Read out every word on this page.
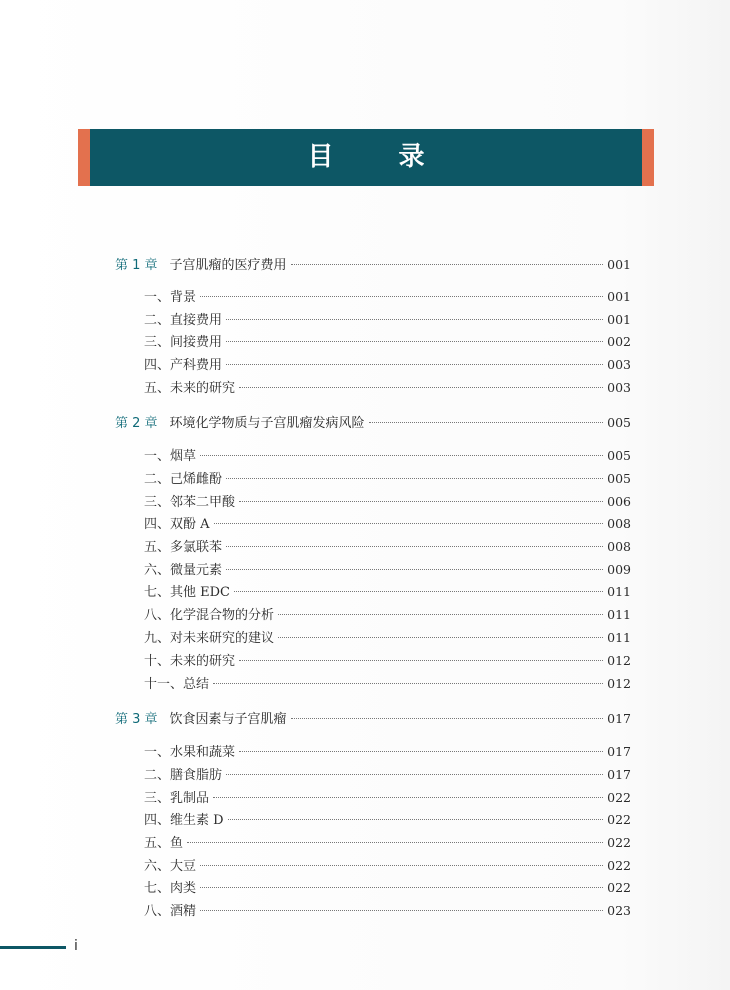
目 录
第 1 章 子宫肌瘤的医疗费用	001
一、背景	001
二、直接费用	001
三、间接费用	002
四、产科费用	003
五、未来的研究	003
第 2 章 环境化学物质与子宫肌瘤发病风险	005
一、烟草	005
二、己烯雌酚	005
三、邻苯二甲酸	006
四、双酚 A	008
五、多氯联苯	008
六、微量元素	009
七、其他 EDC	011
八、化学混合物的分析	011
九、对未来研究的建议	011
十、未来的研究	012
十一、总结	012
第 3 章 饮食因素与子宫肌瘤	017
一、水果和蔬菜	017
二、膳食脂肪	017
三、乳制品	022
四、维生素 D	022
五、鱼	022
六、大豆	022
七、肉类	022
八、酒精	023
i
